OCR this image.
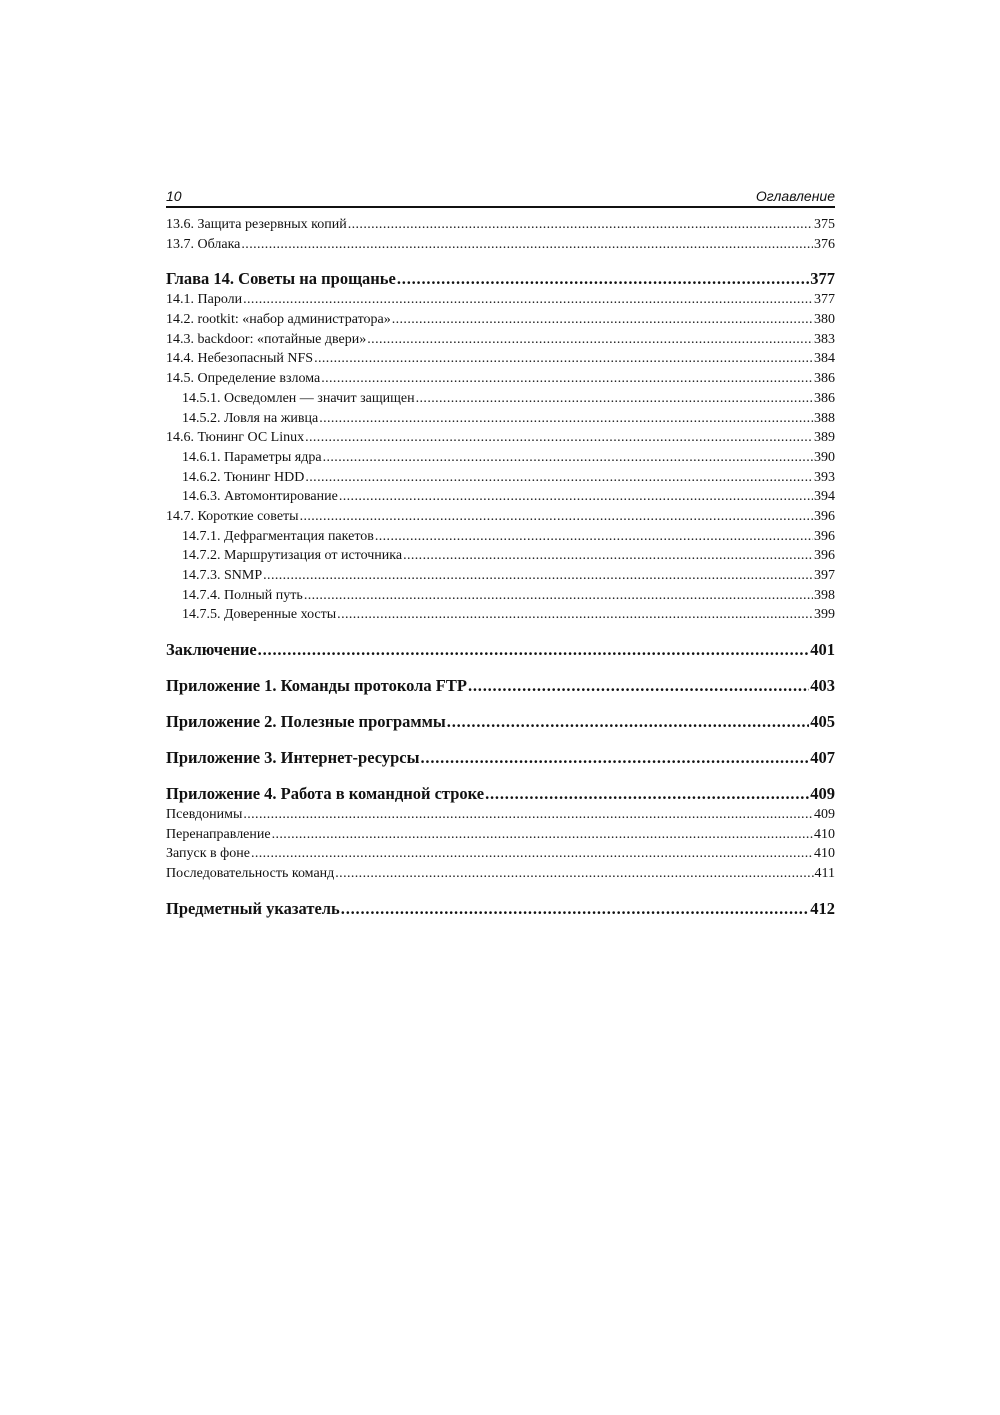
10	Оглавление
13.6. Защита резервных копий .....	375
13.7. Облака .....	376
Глава 14. Советы на прощанье .....	377
14.1. Пароли .....	377
14.2. rootkit: «набор администратора» .....	380
14.3. backdoor: «потайные двери» .....	383
14.4. Небезопасный NFS .....	384
14.5. Определение взлома .....	386
14.5.1. Осведомлен — значит защищен .....	386
14.5.2. Ловля на живца .....	388
14.6. Тюнинг ОС Linux .....	389
14.6.1. Параметры ядра .....	390
14.6.2. Тюнинг HDD .....	393
14.6.3. Автомонтирование .....	394
14.7. Короткие советы .....	396
14.7.1. Дефрагментация пакетов .....	396
14.7.2. Маршрутизация от источника .....	396
14.7.3. SNMP .....	397
14.7.4. Полный путь .....	398
14.7.5. Доверенные хосты .....	399
Заключение .....	401
Приложение 1. Команды протокола FTP .....	403
Приложение 2. Полезные программы .....	405
Приложение 3. Интернет-ресурсы .....	407
Приложение 4. Работа в командной строке .....	409
Псевдонимы .....	409
Перенаправление .....	410
Запуск в фоне .....	410
Последовательность команд .....	411
Предметный указатель .....	412
